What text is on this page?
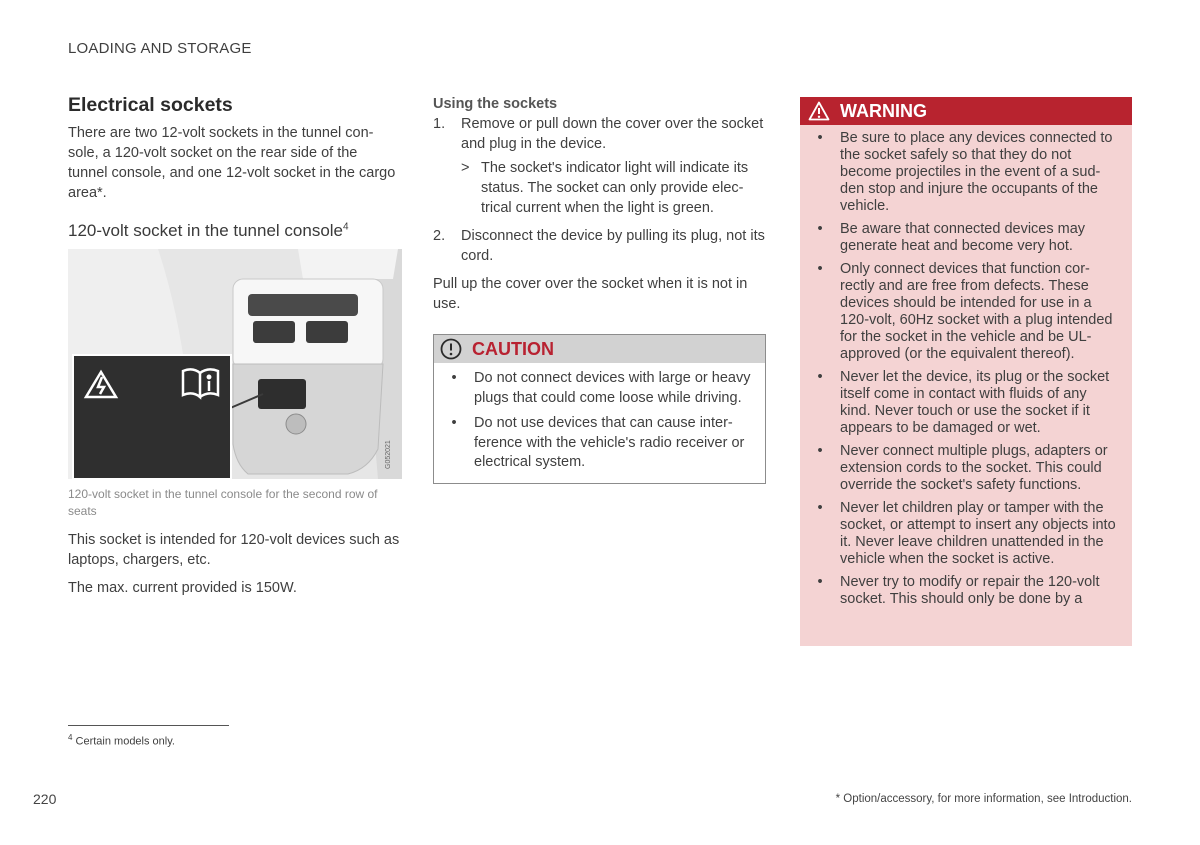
LOADING AND STORAGE
Electrical sockets

There are two 12-volt sockets in the tunnel con-sole, a 120-volt socket on the rear side of the tunnel console, and one 12-volt socket in the cargo area*.

120-volt socket in the tunnel console$^4$
G052021
120-volt socket in the tunnel console for the second row of seats

This socket is intended for 120-volt devices such as laptops, chargers, etc.

The max. current provided is 150W.

Using the sockets
1.	Remove or pull down the cover over the socket and plug in the device.
> The socket's indicator light will indicate its status. The socket can only provide elec-trical current when the light is green.
2.	Disconnect the device by pulling its plug, not its cord.

Pull up the cover over the socket when it is not in use.

CAUTION
•	Do not connect devices with large or heavy plugs that could come loose while driving.
•	Do not use devices that can cause inter-ference with the vehicle's radio receiver or electrical system.
WARNING
•	Be sure to place any devices connected to the socket safely so that they do not become projectiles in the event of a sud-den stop and injure the occupants of the vehicle.
•	Be aware that connected devices may generate heat and become very hot.
•	Only connect devices that function cor-rectly and are free from defects. These devices should be intended for use in a 120-volt, 60Hz socket with a plug intended for the socket in the vehicle and be UL-approved (or the equivalent thereof).
•	Never let the device, its plug or the socket itself come in contact with fluids of any kind. Never touch or use the socket if it appears to be damaged or wet.
•	Never connect multiple plugs, adapters or extension cords to the socket. This could override the socket's safety functions.
•	Never let children play or tamper with the socket, or attempt to insert any objects into it. Never leave children unattended in the vehicle when the socket is active.
•	Never try to modify or repair the 120-volt socket. This should only be done by a
$^4$ Certain models only.
220	* Option/accessory, for more information, see Introduction.
